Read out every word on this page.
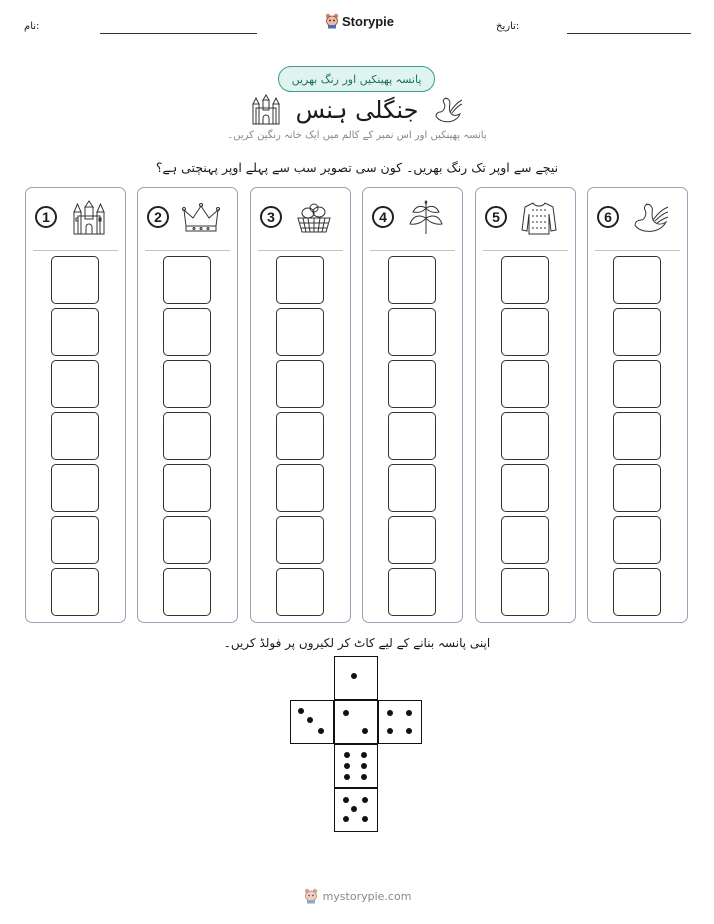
تاریخ:
نام:	Storypie
پانسہ پھینکیں اور رنگ بھریں
جنگلی ہنس
پانسہ پھینکیں اور اس نمبر کے کالم میں ایک خانہ رنگین کریں۔
نیچے سے اوپر تک رنگ بھریں۔ کون سی تصویر سب سے پہلے اوپر پہنچتی ہے؟
1	2	3	4	5	6
اپنی پانسہ بنانے کے لیے کاٹ کر لکیروں پر فولڈ کریں۔
mystorypie.com
